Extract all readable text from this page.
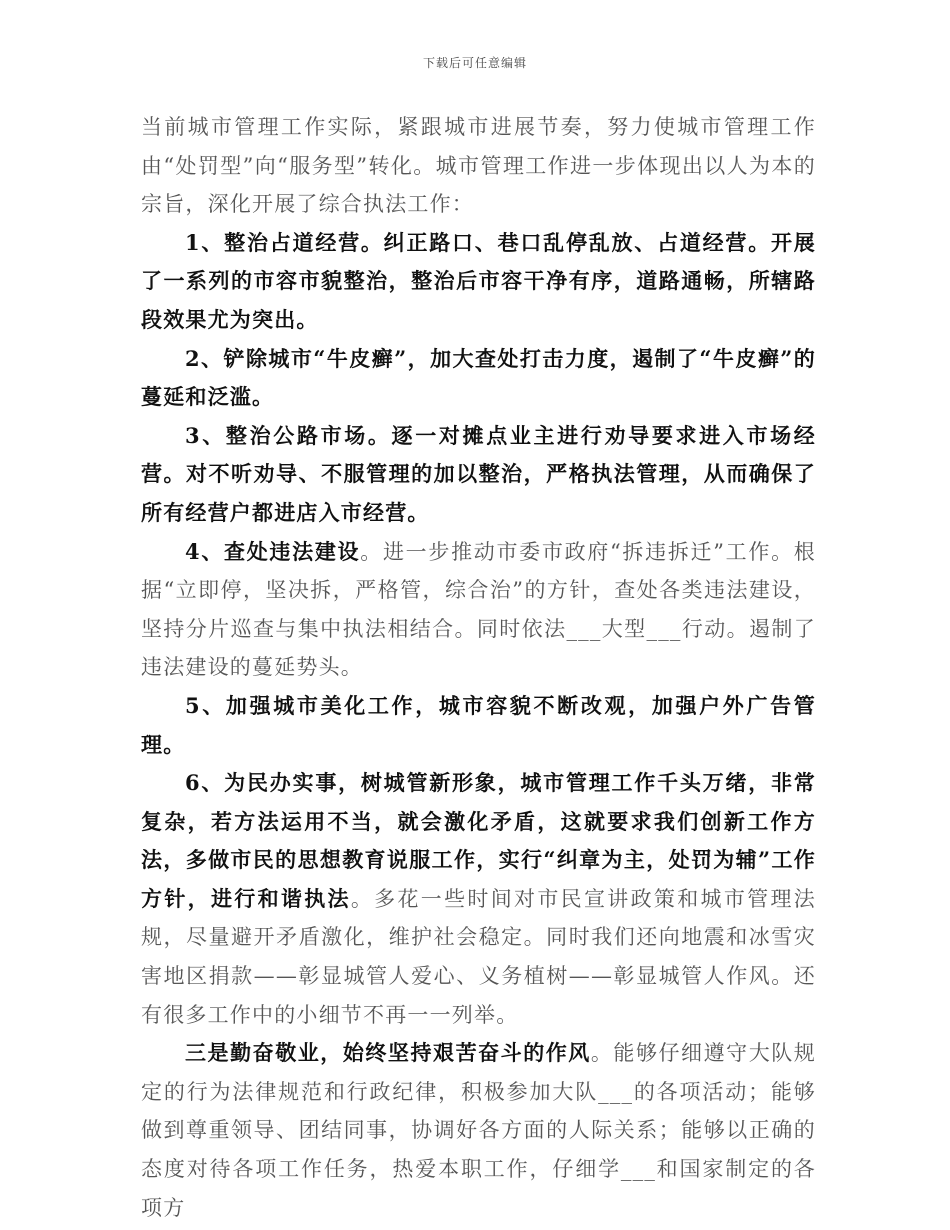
下载后可任意编辑

当前城市管理工作实际，紧跟城市进展节奏，努力使城市管理工作由“处罚型”向“服务型”转化。城市管理工作进一步体现出以人为本的宗旨，深化开展了综合执法工作：

1、整治占道经营。纠正路口、巷口乱停乱放、占道经营。开展了一系列的市容市貌整治，整治后市容干净有序，道路通畅，所辖路段效果尤为突出。

2、铲除城市“牛皮癣”，加大查处打击力度，遏制了“牛皮癣”的蔓延和泛滥。

3、整治公路市场。逐一对摊点业主进行劝导要求进入市场经营。对不听劝导、不服管理的加以整治，严格执法管理，从而确保了所有经营户都进店入市经营。

4、查处违法建设。进一步推动市委市政府“拆违拆迁”工作。根据“立即停，坚决拆，严格管，综合治”的方针，查处各类违法建设，坚持分片巡查与集中执法相结合。同时依法___大型___行动。遏制了违法建设的蔓延势头。

5、加强城市美化工作，城市容貌不断改观，加强户外广告管理。

6、为民办实事，树城管新形象，城市管理工作千头万绪，非常复杂，若方法运用不当，就会激化矛盾，这就要求我们创新工作方法，多做市民的思想教育说服工作，实行“纠章为主，处罚为辅”工作方针，进行和谐执法。多花一些时间对市民宣讲政策和城市管理法规，尽量避开矛盾激化，维护社会稳定。同时我们还向地震和冰雪灾害地区捐款——彰显城管人爱心、义务植树——彰显城管人作风。还有很多工作中的小细节不再一一列举。

三是勤奋敬业，始终坚持艰苦奋斗的作风。能够仔细遵守大队规定的行为法律规范和行政纪律，积极参加大队___的各项活动；能够做到尊重领导、团结同事，协调好各方面的人际关系；能够以正确的态度对待各项工作任务，热爱本职工作，仔细学___和国家制定的各项方
